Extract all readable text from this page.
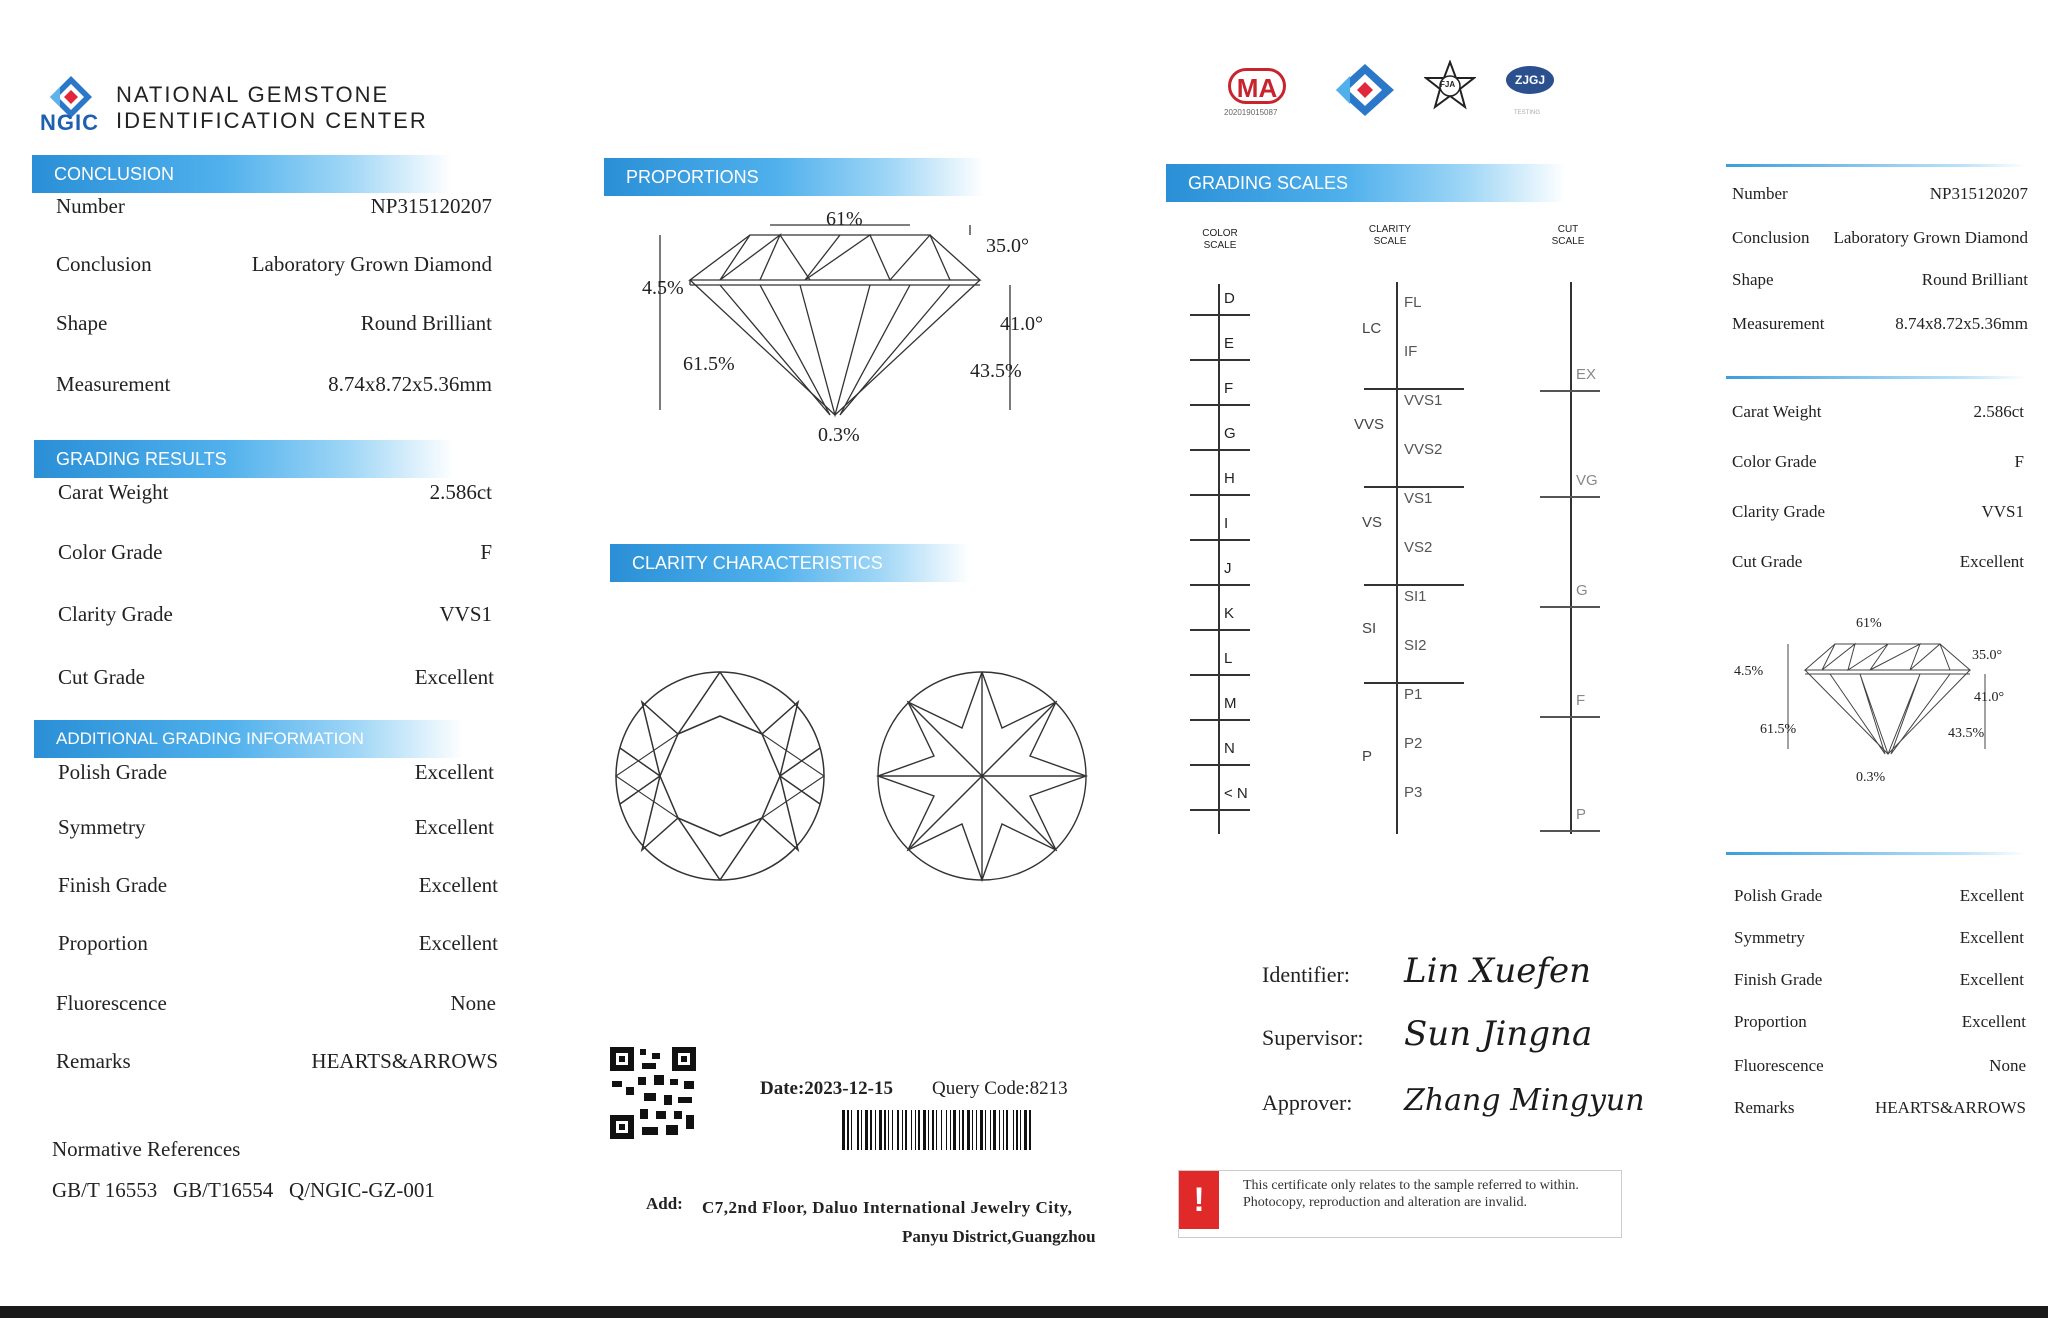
NGIC
NATIONAL GEMSTONE
IDENTIFICATION CENTER
CONCLUSION
Number	NP315120207
Conclusion	Laboratory Grown Diamond
Shape	Round Brilliant
Measurement	8.74x8.72x5.36mm
GRADING RESULTS
Carat Weight	2.586ct
Color Grade	F
Clarity Grade	VVS1
Cut Grade	Excellent
ADDITIONAL GRADING INFORMATION
Polish Grade	Excellent
Symmetry	Excellent
Finish Grade	Excellent
Proportion	Excellent
Fluorescence	None
Remarks	HEARTS&ARROWS
Normative References
GB/T 16553   GB/T16554   Q/NGIC-GZ-001
PROPORTIONS
61%
35.0°
4.5%
41.0°
61.5%	43.5%
0.3%
CLARITY CHARACTERISTICS
Date:2023-12-15 Query Code:8213
Add: C7,2nd Floor, Daluo International Jewelry City,
Panyu District,Guangzhou
MA
202019015087
FJA	ZJGJ
TESTING
GRADING SCALES
COLOR SCALE
CLARITY SCALE
CUT SCALE
D
E
F
G
H
I
J
K
L
M
N
< N
FL
IF
VVS1
VVS2
VS1
VS2
SI1
SI2
P1
P2
P3
LC
VVS
VS
SI
P
EX
VG
G
F
P
Identifier: Lin Xuefen
Supervisor: Sun Jingna
Approver: Zhang Mingyun
!	This certificate only relates to the sample referred to within. Photocopy, reproduction and alteration are invalid.
Number	NP315120207
Conclusion Laboratory Grown Diamond
Shape	Round Brilliant
Measurement	8.74x8.72x5.36mm
Carat Weight	2.586ct
Color Grade	F
Clarity Grade	VVS1
Cut Grade	Excellent
61%
35.0°
4.5%
41.0°
61.5%	43.5%
0.3%
Polish Grade	Excellent
Symmetry	Excellent
Finish Grade	Excellent
Proportion	Excellent
Fluorescence	None
Remarks	HEARTS&ARROWS
